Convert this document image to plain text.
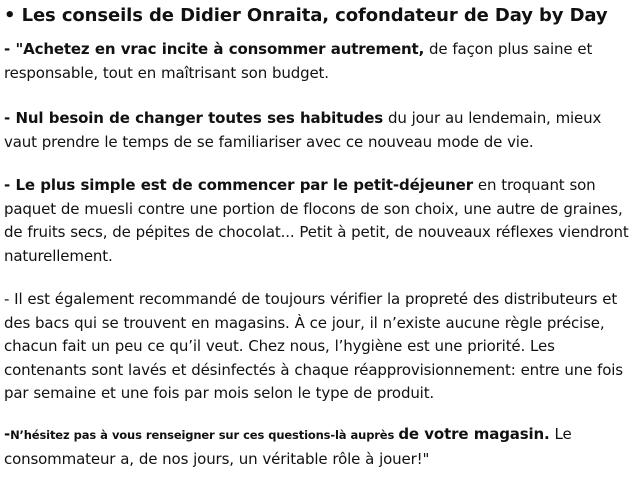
• Les conseils de Didier Onraita, cofondateur de Day by Day
- "Achetez en vrac incite à consommer autrement, de façon plus saine et responsable, tout en maîtrisant son budget.
- Nul besoin de changer toutes ses habitudes du jour au lendemain, mieux vaut prendre le temps de se familiariser avec ce nouveau mode de vie.
- Le plus simple est de commencer par le petit-déjeuner en troquant son paquet de muesli contre une portion de flocons de son choix, une autre de graines, de fruits secs, de pépites de chocolat... Petit à petit, de nouveaux réflexes viendront naturellement.
- Il est également recommandé de toujours vérifier la propreté des distributeurs et des bacs qui se trouvent en magasins. À ce jour, il n’existe aucune règle précise, chacun fait un peu ce qu’il veut. Chez nous, l’hygiène est une priorité. Les contenants sont lavés et désinfectés à chaque réapprovisionnement: entre une fois par semaine et une fois par mois selon le type de produit.
-N’hésitez pas à vous renseigner sur ces questions-là auprès de votre magasin. Le consommateur a, de nos jours, un véritable rôle à jouer!"
